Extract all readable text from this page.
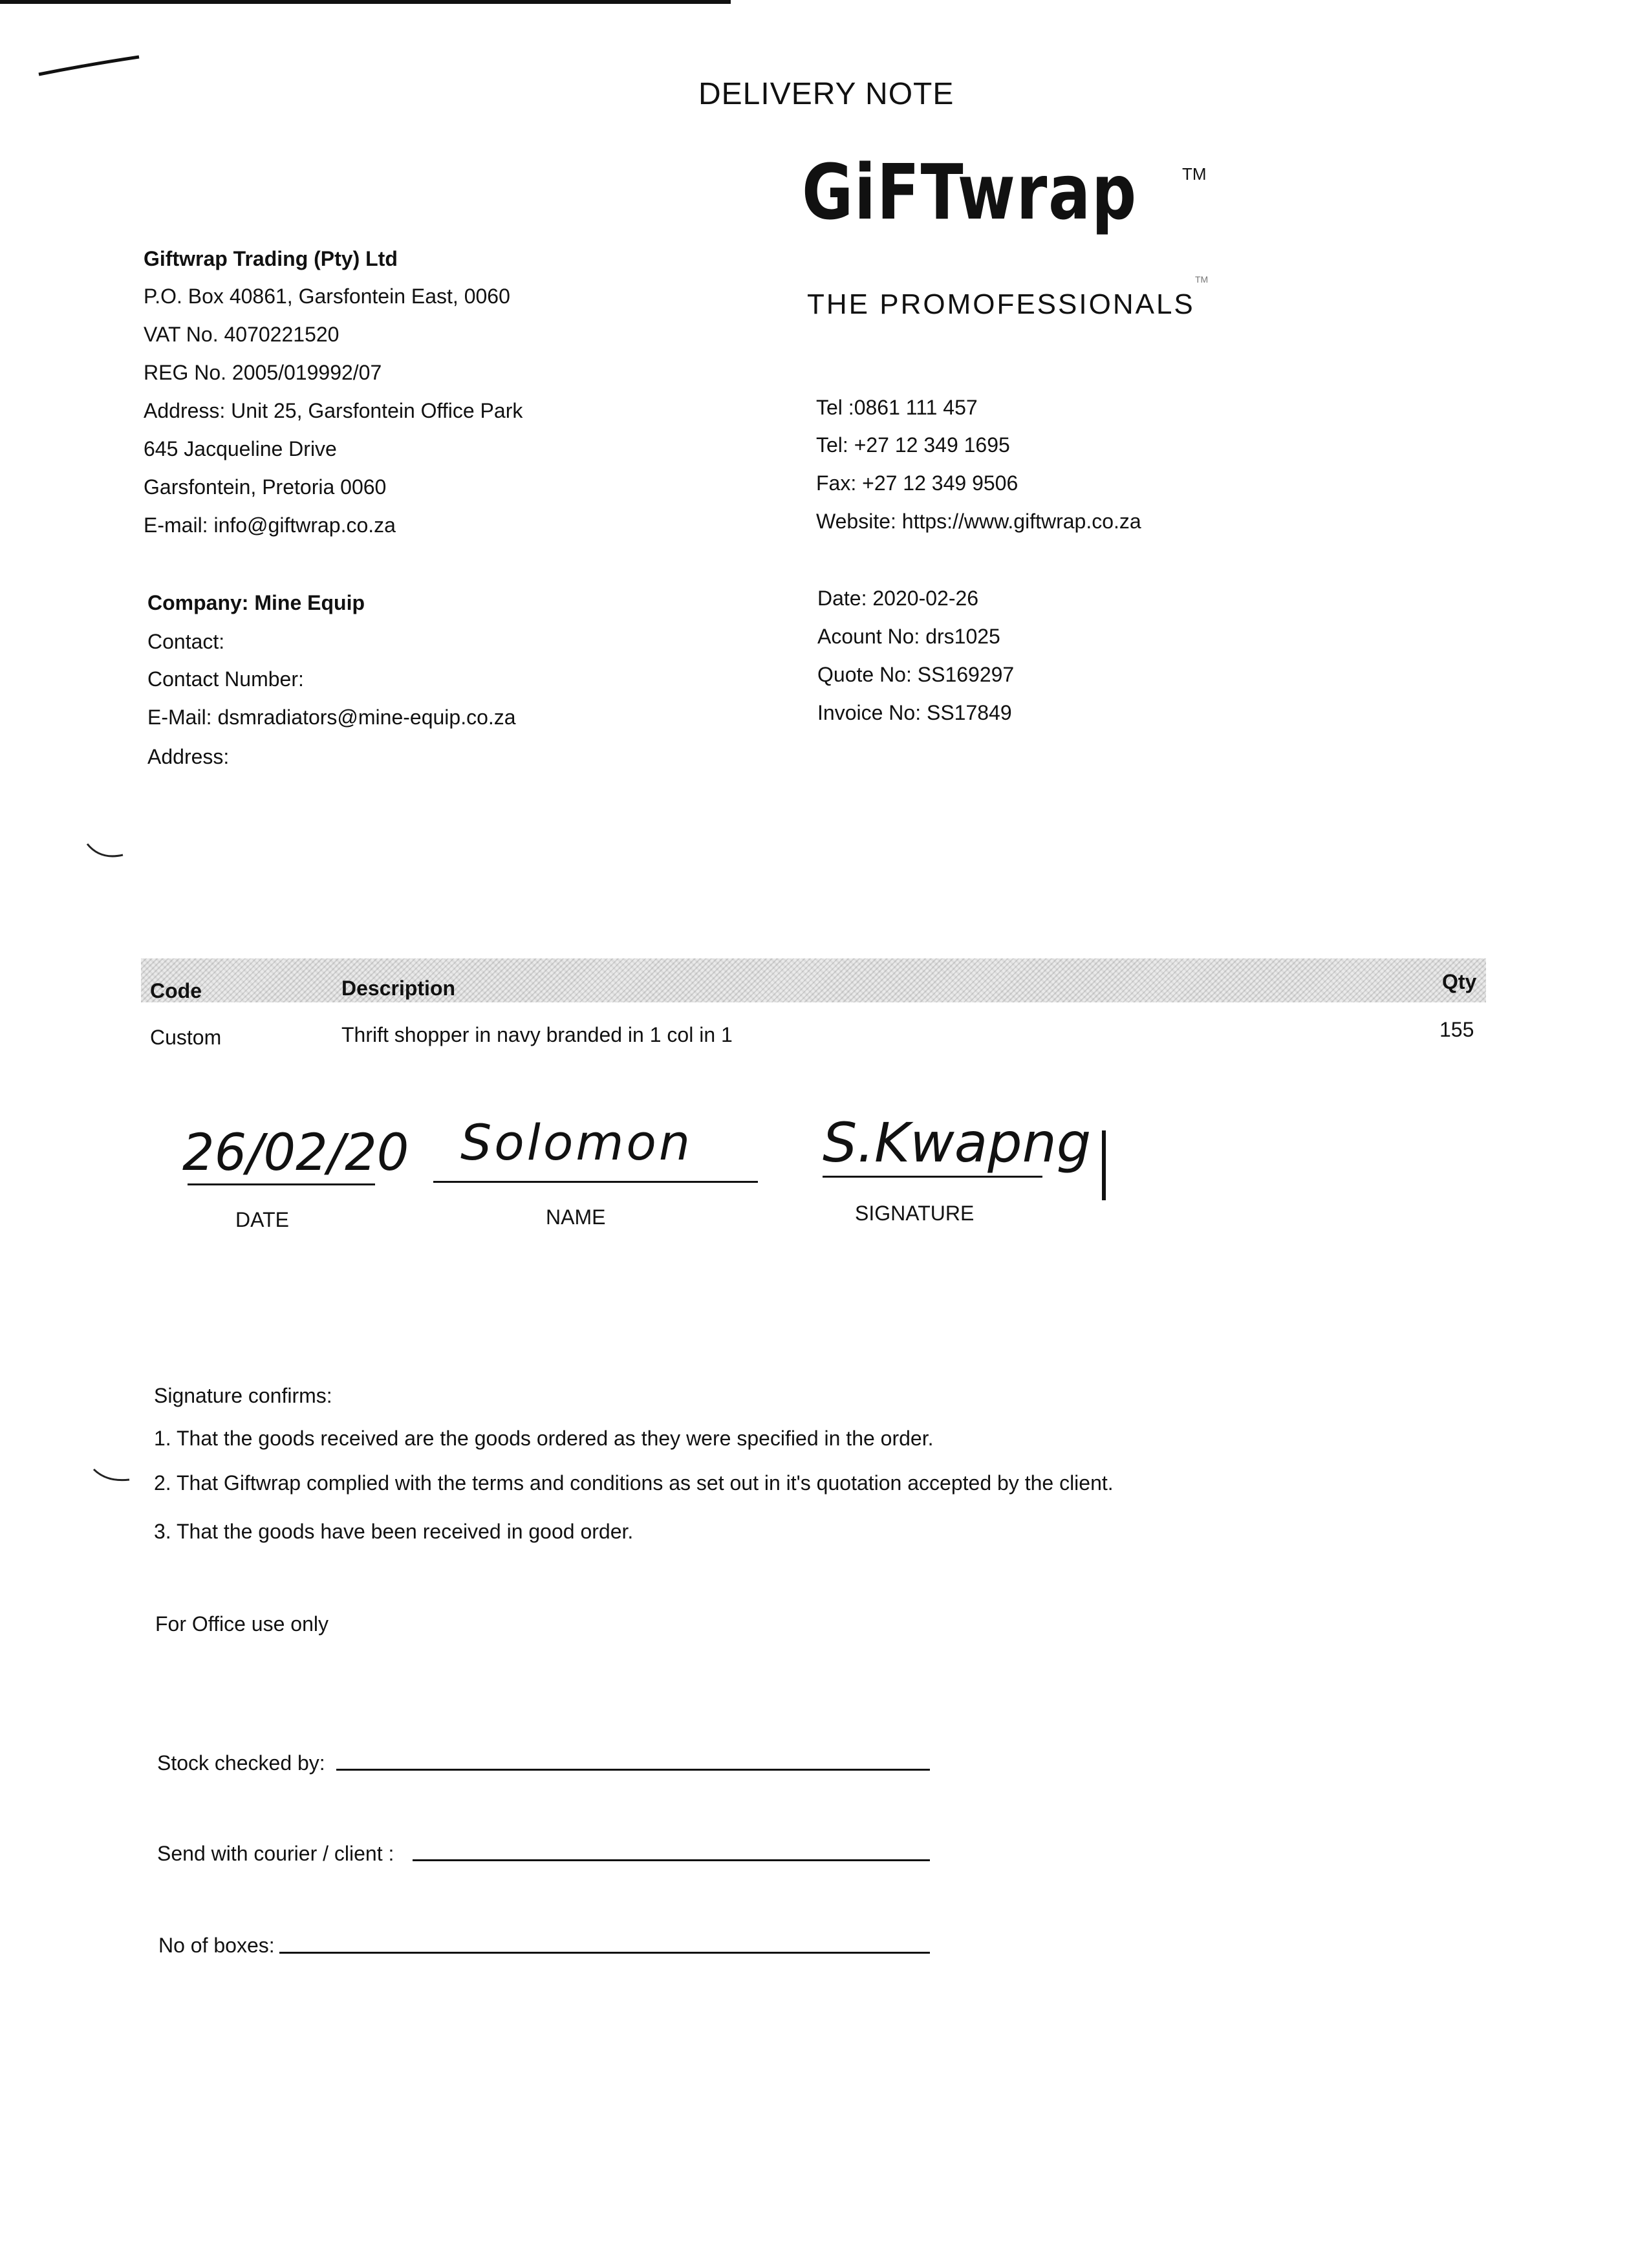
DELIVERY NOTE
GiFTwrap	TM
THE PROMOFESSIONALS
TM
Giftwrap Trading (Pty) Ltd
P.O. Box 40861, Garsfontein East, 0060
VAT No. 4070221520
REG No. 2005/019992/07
Address: Unit 25, Garsfontein Office Park
645 Jacqueline Drive
Garsfontein, Pretoria 0060
E-mail: info@giftwrap.co.za
Tel :0861 111 457
Tel: +27 12 349 1695
Fax: +27 12 349 9506
Website: https://www.giftwrap.co.za
Company: Mine Equip
Contact:
Contact Number:
E-Mail: dsmradiators@mine-equip.co.za
Address:
Date: 2020-02-26
Acount No: drs1025
Quote No: SS169297
Invoice No: SS17849
Code	Description	Qty
Custom	Thrift shopper in navy branded in 1 col in 1	155
26/02/20 Solomon S.Kwapng
DATE	NAME	SIGNATURE
Signature confirms:
1. That the goods received are the goods ordered as they were specified in the order.
2. That Giftwrap complied with the terms and conditions as set out in it's quotation accepted by the client.
3. That the goods have been received in good order.
For Office use only
Stock checked by:
Send with courier / client :
No of boxes:
